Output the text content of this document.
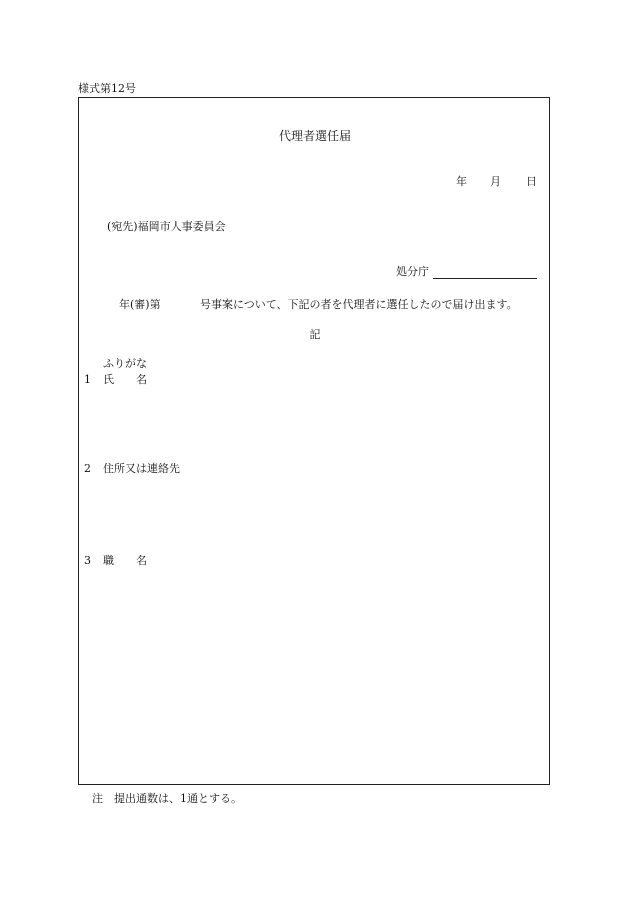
様式第12号
代理者選任届
年 月 日
(宛先)福岡市人事委員会
処分庁
年(審)第	号事案について、下記の者を代理者に選任したので届け出ます。
記
ふりがな
1 氏　　名
2 住所又は連絡先
3 職　　名
注　提出通数は、1通とする。
